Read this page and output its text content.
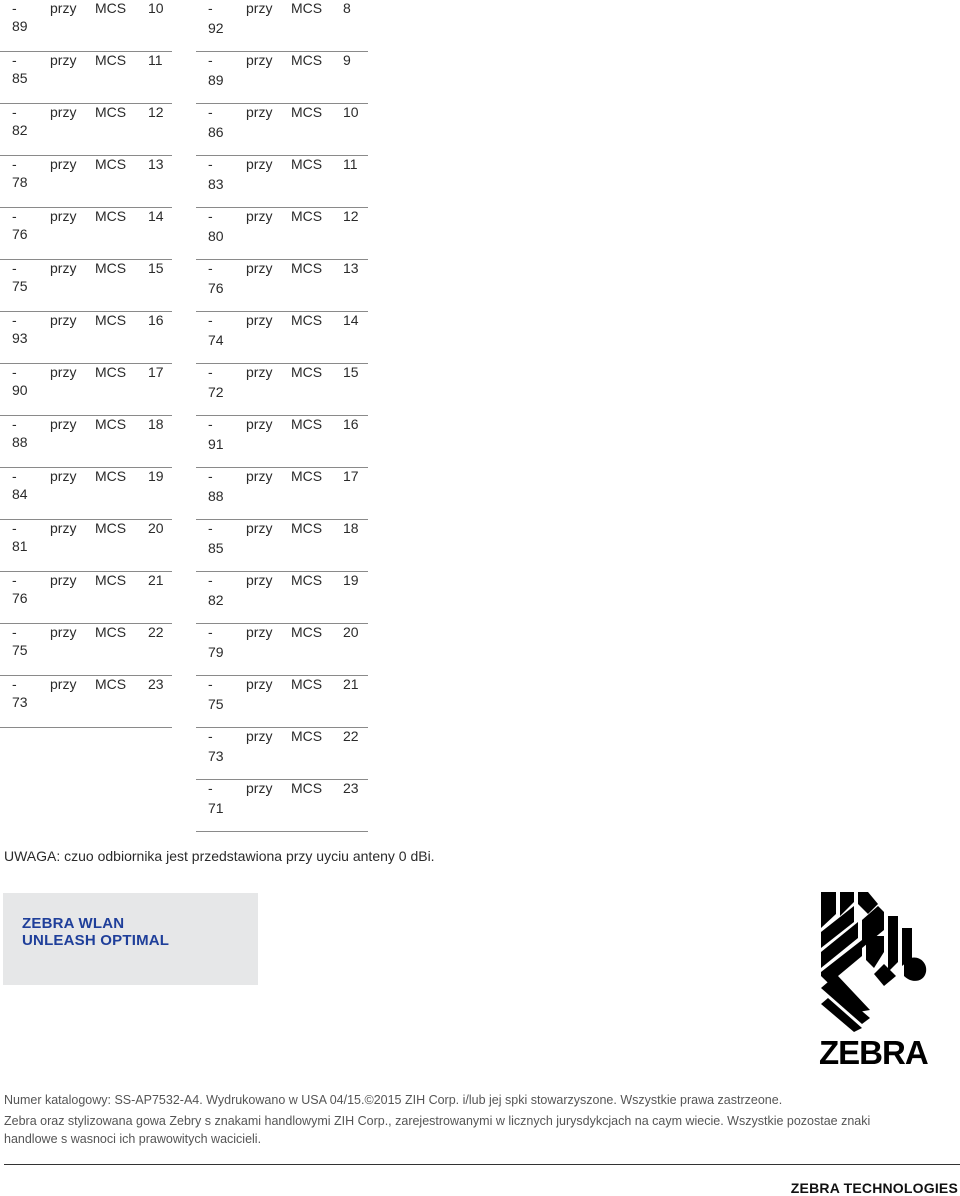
- przy MCS 10
89
- przy MCS 11
85
- przy MCS 12
82
- przy MCS 13
78
- przy MCS 14
76
- przy MCS 15
75
- przy MCS 16
93
- przy MCS 17
90
- przy MCS 18
88
- przy MCS 19
84
- przy MCS 20
81
- przy MCS 21
76
- przy MCS 22
75
- przy MCS 23
73
- przy MCS 8
92
- przy MCS 9
89
- przy MCS 10
86
- przy MCS 11
83
- przy MCS 12
80
- przy MCS 13
76
- przy MCS 14
74
- przy MCS 15
72
- przy MCS 16
91
- przy MCS 17
88
- przy MCS 18
85
- przy MCS 19
82
- przy MCS 20
79
- przy MCS 21
75
- przy MCS 22
73
- przy MCS 23
71
UWAGA: czuo odbiornika jest przedstawiona przy uyciu anteny 0 dBi.
ZEBRA WLAN
UNLEASH OPTIMAL
ZEBRA
Numer katalogowy: SS-AP7532-A4. Wydrukowano w USA 04/15.©2015 ZIH Corp. i/lub jej spki stowarzyszone. Wszystkie prawa zastrzeone.
Zebra oraz stylizowana gowa Zebry s znakami handlowymi ZIH Corp., zarejestrowanymi w licznych jurysdykcjach na caym wiecie. Wszystkie pozostae znaki
handlowe s wasnoci ich prawowitych wacicieli.
ZEBRA TECHNOLOGIES
